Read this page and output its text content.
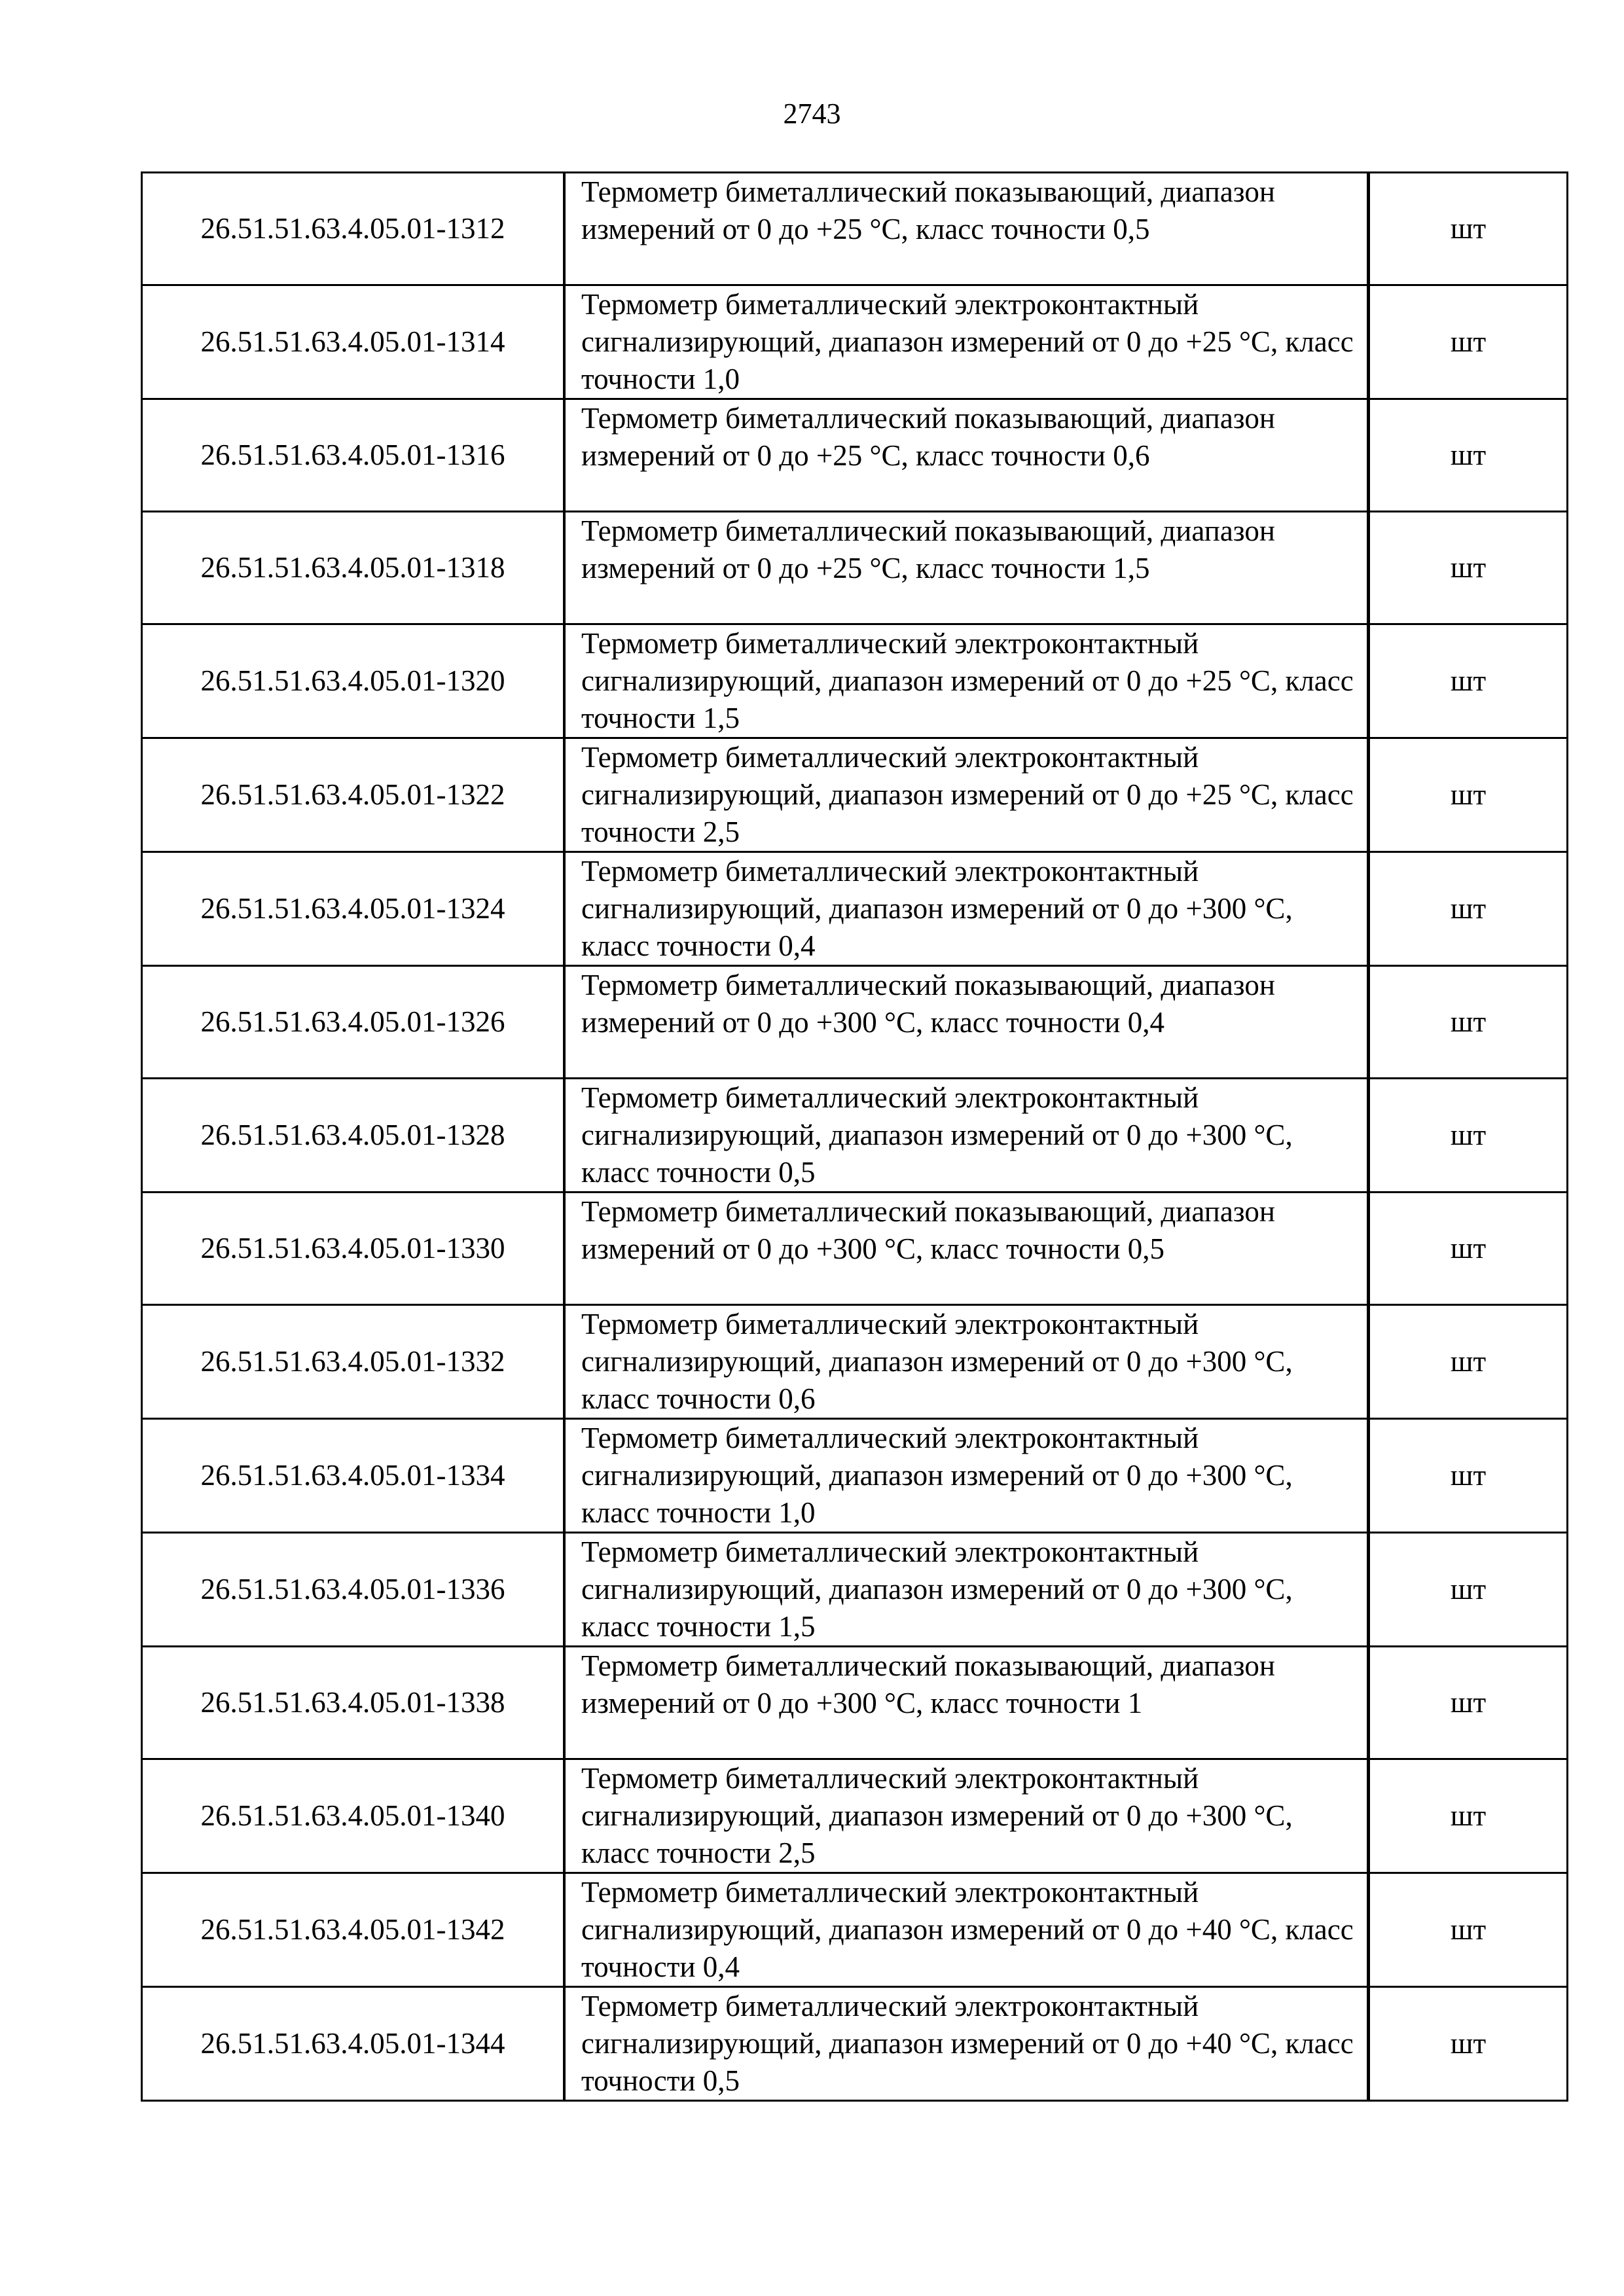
2743
26.51.51.63.4.05.01-1312	Термометр биметаллический показывающий, диапазон измерений от 0 до +25 °С, класс точности 0,5	шт
26.51.51.63.4.05.01-1314	Термометр биметаллический электроконтактный сигнализирующий, диапазон измерений от 0 до +25 °С, класс точности 1,0	шт
26.51.51.63.4.05.01-1316	Термометр биметаллический показывающий, диапазон измерений от 0 до +25 °С, класс точности 0,6	шт
26.51.51.63.4.05.01-1318	Термометр биметаллический показывающий, диапазон измерений от 0 до +25 °С, класс точности 1,5	шт
26.51.51.63.4.05.01-1320	Термометр биметаллический электроконтактный сигнализирующий, диапазон измерений от 0 до +25 °С, класс точности 1,5	шт
26.51.51.63.4.05.01-1322	Термометр биметаллический электроконтактный сигнализирующий, диапазон измерений от 0 до +25 °С, класс точности 2,5	шт
26.51.51.63.4.05.01-1324	Термометр биметаллический электроконтактный сигнализирующий, диапазон измерений от 0 до +300 °С, класс точности 0,4	шт
26.51.51.63.4.05.01-1326	Термометр биметаллический показывающий, диапазон измерений от 0 до +300 °С, класс точности 0,4	шт
26.51.51.63.4.05.01-1328	Термометр биметаллический электроконтактный сигнализирующий, диапазон измерений от 0 до +300 °С, класс точности 0,5	шт
26.51.51.63.4.05.01-1330	Термометр биметаллический показывающий, диапазон измерений от 0 до +300 °С, класс точности 0,5	шт
26.51.51.63.4.05.01-1332	Термометр биметаллический электроконтактный сигнализирующий, диапазон измерений от 0 до +300 °С, класс точности 0,6	шт
26.51.51.63.4.05.01-1334	Термометр биметаллический электроконтактный сигнализирующий, диапазон измерений от 0 до +300 °С, класс точности 1,0	шт
26.51.51.63.4.05.01-1336	Термометр биметаллический электроконтактный сигнализирующий, диапазон измерений от 0 до +300 °С, класс точности 1,5	шт
26.51.51.63.4.05.01-1338	Термометр биметаллический показывающий, диапазон измерений от 0 до +300 °С, класс точности 1	шт
26.51.51.63.4.05.01-1340	Термометр биметаллический электроконтактный сигнализирующий, диапазон измерений от 0 до +300 °С, класс точности 2,5	шт
26.51.51.63.4.05.01-1342	Термометр биметаллический электроконтактный сигнализирующий, диапазон измерений от 0 до +40 °С, класс точности 0,4	шт
26.51.51.63.4.05.01-1344	Термометр биметаллический электроконтактный сигнализирующий, диапазон измерений от 0 до +40 °С, класс точности 0,5	шт
